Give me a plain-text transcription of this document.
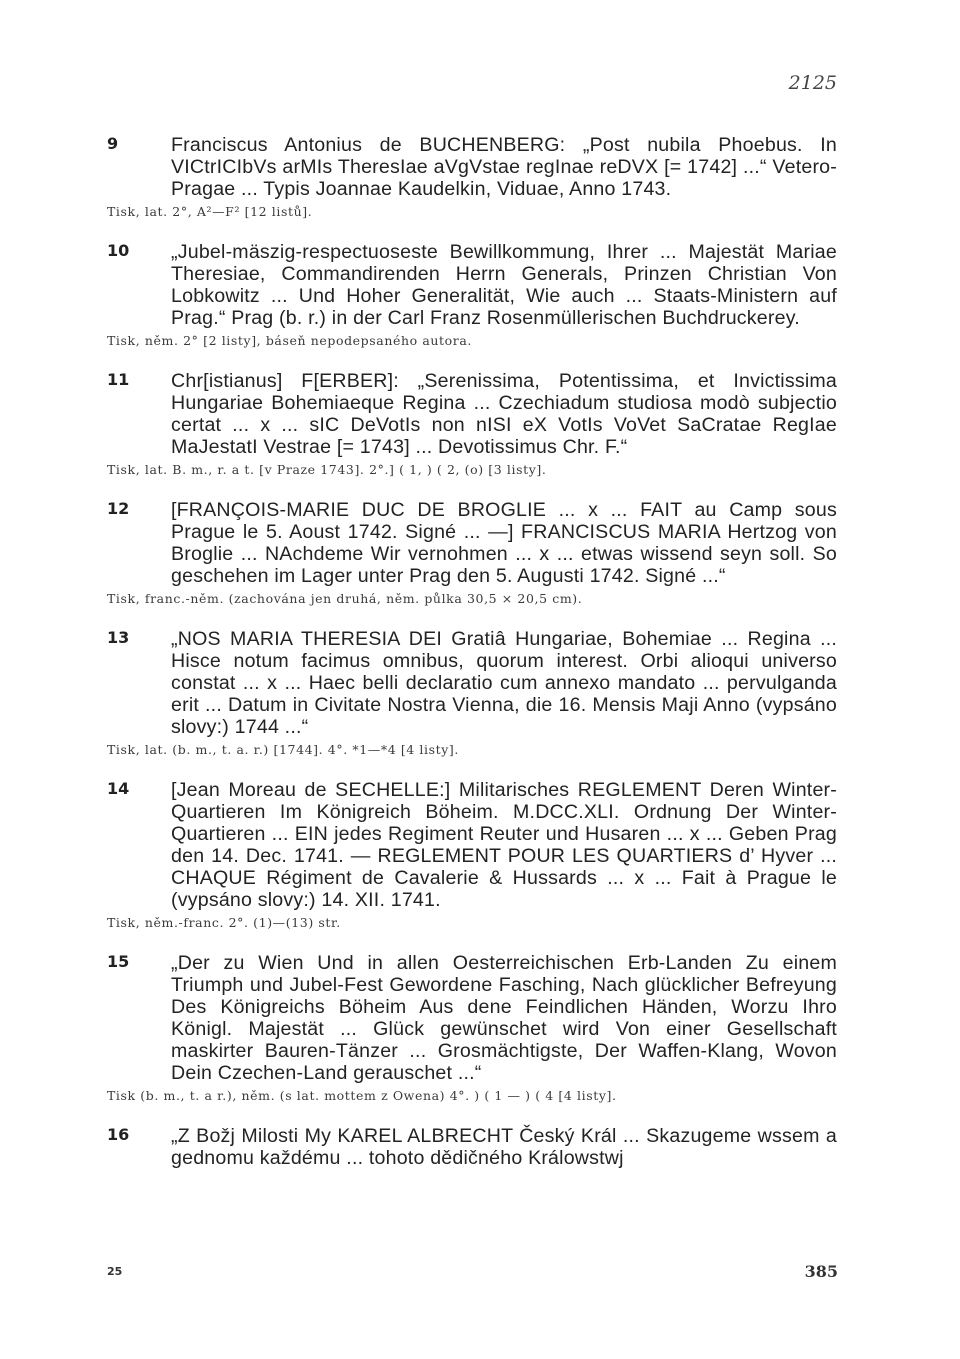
2125
9	Franciscus Antonius de BUCHENBERG: „Post nubila Phoebus. In VICtrICIbVs arMIs TheresIae aVgVstae regInae reDVX [= 1742] ...“ Vetero-Pragae ... Typis Joannae Kaudelkin, Viduae, Anno 1743.
Tisk, lat. 2°, A²—F² [12 listů].
10 „Jubel-mäszig-respectuoseste Bewillkommung, Ihrer ... Majestät Mariae Theresiae, Commandirenden Herrn Generals, Prinzen Christian Von Lobkowitz ... Und Hoher Generalität, Wie auch ... Staats-Ministern auf Prag.“ Prag (b. r.) in der Carl Franz Rosenmüllerischen Buchdruckerey.
Tisk, něm. 2° [2 listy], báseň nepodepsaného autora.
11 Chr[istianus] F[ERBER]: „Serenissima, Potentissima, et Invictissima Hungariae Bohemiaeque Regina ... Czechiadum studiosa modò subjectio certat ... x ... sIC DeVotIs non nISI eX VotIs VoVet SaCratae RegIae MaJestatI Vestrae [= 1743] ... Devotissimus Chr. F.“
Tisk, lat. B. m., r. a t. [v Praze 1743]. 2°.] ( 1, ) ( 2, (o) [3 listy].
12 [FRANÇOIS-MARIE DUC DE BROGLIE ... x ... FAIT au Camp sous Prague le 5. Aoust 1742. Signé ... —] FRANCISCUS MARIA Hertzog von Broglie ... NAchdeme Wir vernohmen ... x ... etwas wissend seyn soll. So geschehen im Lager unter Prag den 5. Augusti 1742. Signé ...“
Tisk, franc.-něm. (zachována jen druhá, něm. půlka 30,5 × 20,5 cm).
13 „NOS MARIA THERESIA DEI Gratiâ Hungariae, Bohemiae ... Regina ... Hisce notum facimus omnibus, quorum interest. Orbi alioqui universo constat ... x ... Haec belli declaratio cum annexo mandato ... pervulganda erit ... Datum in Civitate Nostra Vienna, die 16. Mensis Maji Anno (vypsáno slovy:) 1744 ...“
Tisk, lat. (b. m., t. a. r.) [1744]. 4°. *1—*4 [4 listy].
14 [Jean Moreau de SECHELLE:] Militarisches REGLEMENT Deren Winter-Quartieren Im Königreich Böheim. M.DCC.XLI. Ordnung Der Winter-Quartieren ... EIN jedes Regiment Reuter und Husaren ... x ... Geben Prag den 14. Dec. 1741. — REGLEMENT POUR LES QUARTIERS d’ Hyver ... CHAQUE Régiment de Cavalerie & Hussards ... x ... Fait à Prague le (vypsáno slovy:) 14. XII. 1741.
Tisk, něm.-franc. 2°. (1)—(13) str.
15 „Der zu Wien Und in allen Oesterreichischen Erb-Landen Zu einem Triumph und Jubel-Fest Gewordene Fasching, Nach glücklicher Befreyung Des Königreichs Böheim Aus dene Feindlichen Händen, Worzu Ihro Königl. Majestät ... Glück gewünschet wird Von einer Gesellschaft maskirter Bauren-Tänzer ... Grosmächtigste, Der Waffen-Klang, Wovon Dein Czechen-Land gerauschet ...“
Tisk (b. m., t. a r.), něm. (s lat. mottem z Owena) 4°. ) ( 1 — ) ( 4 [4 listy].
16 „Z Božj Milosti My KAREL ALBRECHT Český Král ... Skazugeme wssem a gednomu každému ... tohoto dědičného Králowstwj
25	385
